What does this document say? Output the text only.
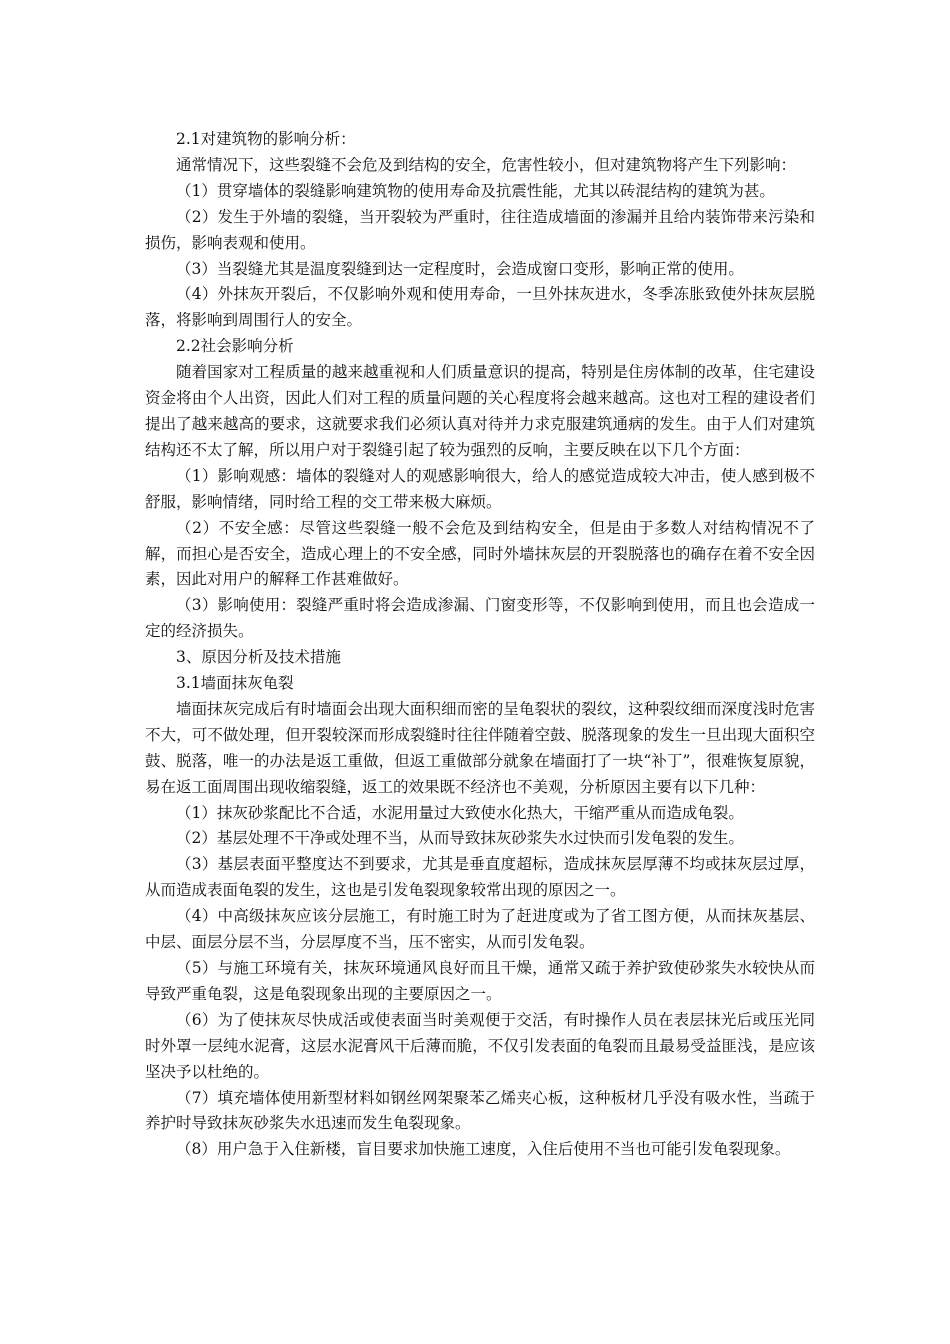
2.1对建筑物的影响分析：

通常情况下，这些裂缝不会危及到结构的安全，危害性较小，但对建筑物将产生下列影响：

（1）贯穿墙体的裂缝影响建筑物的使用寿命及抗震性能，尤其以砖混结构的建筑为甚。

（2）发生于外墙的裂缝，当开裂较为严重时，往往造成墙面的渗漏并且给内装饰带来污染和损伤，影响表观和使用。

（3）当裂缝尤其是温度裂缝到达一定程度时，会造成窗口变形，影响正常的使用。

（4）外抹灰开裂后，不仅影响外观和使用寿命，一旦外抹灰进水，冬季冻胀致使外抹灰层脱落，将影响到周围行人的安全。

2.2社会影响分析

随着国家对工程质量的越来越重视和人们质量意识的提高，特别是住房体制的改革，住宅建设资金将由个人出资，因此人们对工程的质量问题的关心程度将会越来越高。这也对工程的建设者们提出了越来越高的要求，这就要求我们必须认真对待并力求克服建筑通病的发生。由于人们对建筑结构还不太了解，所以用户对于裂缝引起了较为强烈的反响，主要反映在以下几个方面：

（1）影响观感：墙体的裂缝对人的观感影响很大，给人的感觉造成较大冲击，使人感到极不舒服，影响情绪，同时给工程的交工带来极大麻烦。

（2）不安全感：尽管这些裂缝一般不会危及到结构安全，但是由于多数人对结构情况不了解，而担心是否安全，造成心理上的不安全感，同时外墙抹灰层的开裂脱落也的确存在着不安全因素，因此对用户的解释工作甚难做好。

（3）影响使用：裂缝严重时将会造成渗漏、门窗变形等，不仅影响到使用，而且也会造成一定的经济损失。

3、原因分析及技术措施

3.1墙面抹灰龟裂

墙面抹灰完成后有时墙面会出现大面积细而密的呈龟裂状的裂纹，这种裂纹细而深度浅时危害不大，可不做处理，但开裂较深而形成裂缝时往往伴随着空鼓、脱落现象的发生一旦出现大面积空鼓、脱落，唯一的办法是返工重做，但返工重做部分就象在墙面打了一块“补丁”，很难恢复原貌，易在返工面周围出现收缩裂缝，返工的效果既不经济也不美观，分析原因主要有以下几种：

（1）抹灰砂浆配比不合适，水泥用量过大致使水化热大，干缩严重从而造成龟裂。

（2）基层处理不干净或处理不当，从而导致抹灰砂浆失水过快而引发龟裂的发生。

（3）基层表面平整度达不到要求，尤其是垂直度超标，造成抹灰层厚薄不均或抹灰层过厚，从而造成表面龟裂的发生，这也是引发龟裂现象较常出现的原因之一。

（4）中高级抹灰应该分层施工，有时施工时为了赶进度或为了省工图方便，从而抹灰基层、中层、面层分层不当，分层厚度不当，压不密实，从而引发龟裂。

（5）与施工环境有关，抹灰环境通风良好而且干燥，通常又疏于养护致使砂浆失水较快从而导致严重龟裂，这是龟裂现象出现的主要原因之一。

（6）为了使抹灰尽快成活或使表面当时美观便于交活，有时操作人员在表层抹光后或压光同时外罩一层纯水泥膏，这层水泥膏风干后薄而脆，不仅引发表面的龟裂而且最易受益匪浅，是应该坚决予以杜绝的。

（7）填充墙体使用新型材料如钢丝网架聚苯乙烯夹心板，这种板材几乎没有吸水性，当疏于养护时导致抹灰砂浆失水迅速而发生龟裂现象。

（8）用户急于入住新楼，盲目要求加快施工速度，入住后使用不当也可能引发龟裂现象。
